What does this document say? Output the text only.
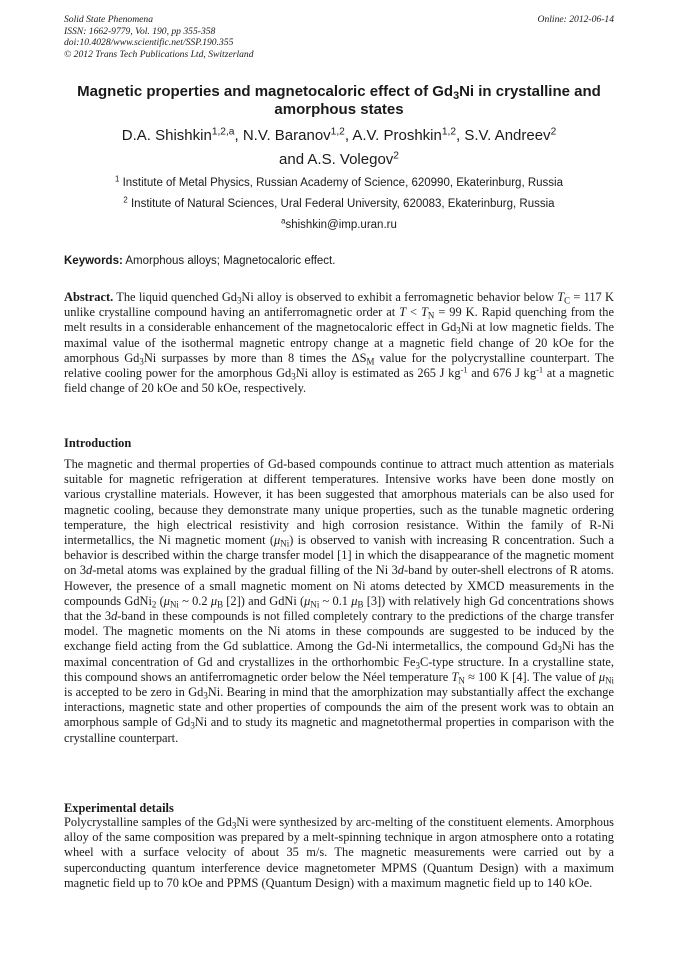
Solid State Phenomena
ISSN: 1662-9779, Vol. 190, pp 355-358
doi:10.4028/www.scientific.net/SSP.190.355
© 2012 Trans Tech Publications Ltd, Switzerland
Online: 2012-06-14
Magnetic properties and magnetocaloric effect of $Gd_3Ni$ in crystalline and amorphous states
D.A. Shishkin$^{1,2,a}$, N.V. Baranov$^{1,2}$, A.V. Proshkin$^{1,2}$, S.V. Andreev$^2$
and A.S. Volegov$^2$
$^1$ Institute of Metal Physics, Russian Academy of Science, 620990, Ekaterinburg, Russia
$^2$ Institute of Natural Sciences, Ural Federal University, 620083, Ekaterinburg, Russia
$^a$shishkin@imp.uran.ru
Keywords: Amorphous alloys; Magnetocaloric effect.
Abstract. The liquid quenched $Gd_3Ni$ alloy is observed to exhibit a ferromagnetic behavior below $T_C = 117$ K unlike crystalline compound having an antiferromagnetic order at $T < T_N = 99$ K. Rapid quenching from the melt results in a considerable enhancement of the magnetocaloric effect in $Gd_3Ni$ at low magnetic fields. The maximal value of the isothermal magnetic entropy change at a magnetic field change of 20 kOe for the amorphous $Gd_3Ni$ surpasses by more than 8 times the $\Delta S_M$ value for the polycrystalline counterpart. The relative cooling power for the amorphous $Gd_3Ni$ alloy is estimated as 265 J $kg^{-1}$ and 676 J $kg^{-1}$ at a magnetic field change of 20 kOe and 50 kOe, respectively.
Introduction
The magnetic and thermal properties of Gd-based compounds continue to attract much attention as materials suitable for magnetic refrigeration at different temperatures. Intensive works have been done mostly on various crystalline materials. However, it has been suggested that amorphous materials can be also used for magnetic cooling, because they demonstrate many unique properties, such as the tunable magnetic ordering temperature, the high electrical resistivity and high corrosion resistance. Within the family of R-Ni intermetallics, the Ni magnetic moment $(\mu_{Ni})$ is observed to vanish with increasing R concentration. Such a behavior is described within the charge transfer model [1] in which the disappearance of the magnetic moment on 3d-metal atoms was explained by the gradual filling of the Ni 3d-band by outer-shell electrons of R atoms. However, the presence of a small magnetic moment on Ni atoms detected by XMCD measurements in the compounds GdNi$_2$ ($\mu_{Ni}$ ~ 0.2 $\mu_B$ [2]) and GdNi ($\mu_{Ni}$ ~ 0.1 $\mu_B$ [3]) with relatively high Gd concentrations shows that the 3d-band in these compounds is not filled completely contrary to the predictions of the charge transfer model. The magnetic moments on the Ni atoms in these compounds are suggested to be induced by the exchange field acting from the Gd sublattice. Among the Gd-Ni intermetallics, the compound $Gd_3Ni$ has the maximal concentration of Gd and crystallizes in the orthorhombic $Fe_3C$-type structure. In a crystalline state, this compound shows an antiferromagnetic order below the Néel temperature $T_N \approx 100$ K [4]. The value of $\mu_{Ni}$ is accepted to be zero in $Gd_3Ni$. Bearing in mind that the amorphization may substantially affect the exchange interactions, magnetic state and other properties of compounds the aim of the present work was to obtain an amorphous sample of $Gd_3Ni$ and to study its magnetic and magnetothermal properties in comparison with the crystalline counterpart.
Experimental details
Polycrystalline samples of the $Gd_3Ni$ were synthesized by arc-melting of the constituent elements. Amorphous alloy of the same composition was prepared by a melt-spinning technique in argon atmosphere onto a rotating wheel with a surface velocity of about 35 m/s. The magnetic measurements were carried out by a superconducting quantum interference device magnetometer MPMS (Quantum Design) with a maximum magnetic field up to 70 kOe and PPMS (Quantum Design) with a maximum magnetic field up to 140 kOe.
